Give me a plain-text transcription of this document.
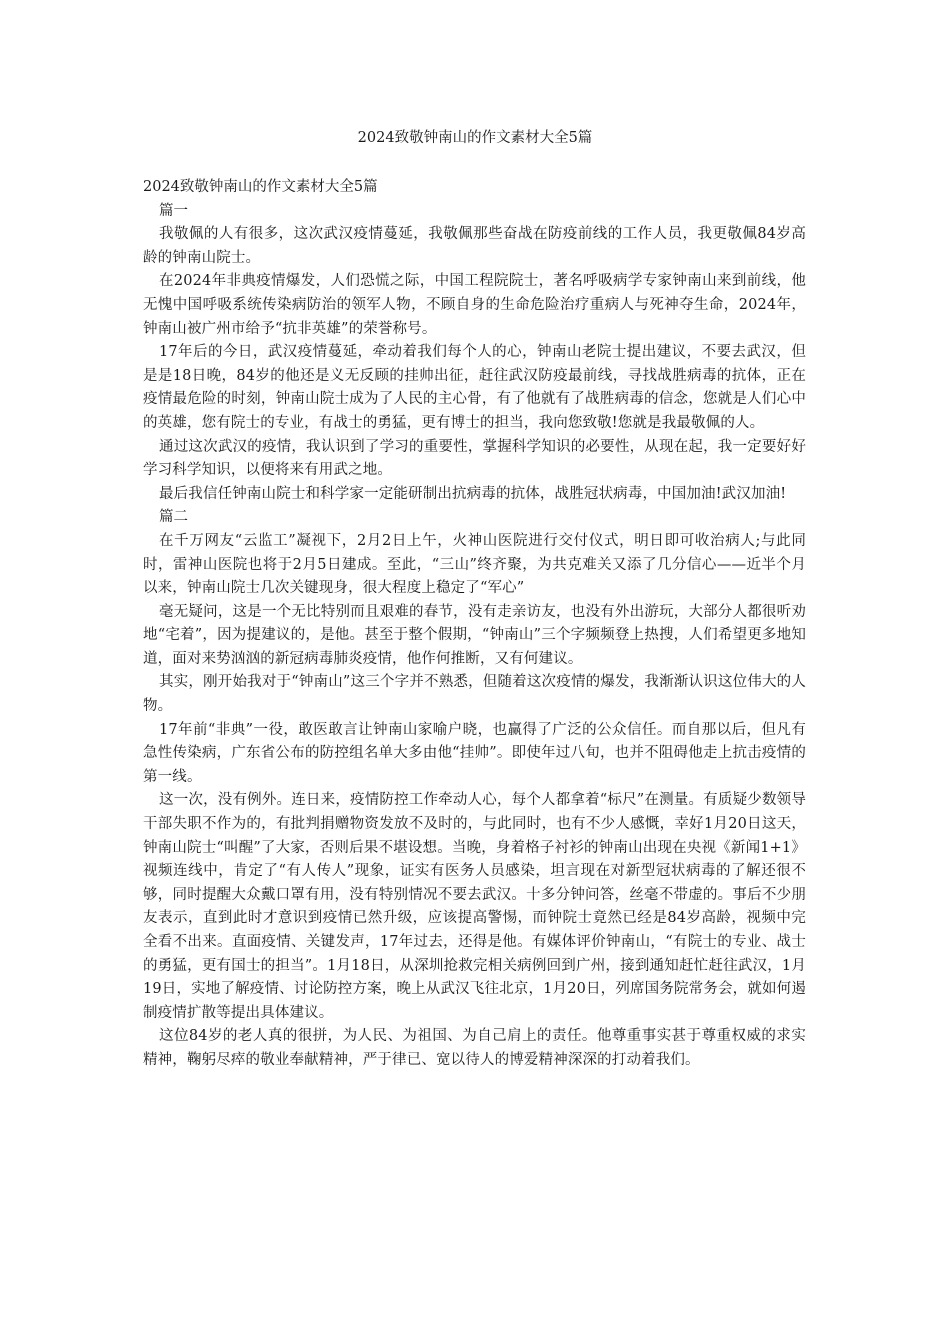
2024致敬钟南山的作文素材大全5篇

2024致敬钟南山的作文素材大全5篇

篇一

我敬佩的人有很多，这次武汉疫情蔓延，我敬佩那些奋战在防疫前线的工作人员，我更敬佩84岁高龄的钟南山院士。

在2024年非典疫情爆发，人们恐慌之际，中国工程院院士，著名呼吸病学专家钟南山来到前线，他无愧中国呼吸系统传染病防治的领军人物，不顾自身的生命危险治疗重病人与死神夺生命，2024年，钟南山被广州市给予“抗非英雄”的荣誉称号。

17年后的今日，武汉疫情蔓延，牵动着我们每个人的心，钟南山老院士提出建议，不要去武汉，但是是18日晚，84岁的他还是义无反顾的挂帅出征，赶往武汉防疫最前线，寻找战胜病毒的抗体，正在疫情最危险的时刻，钟南山院士成为了人民的主心骨，有了他就有了战胜病毒的信念，您就是人们心中的英雄，您有院士的专业，有战士的勇猛，更有博士的担当，我向您致敬!您就是我最敬佩的人。

通过这次武汉的疫情，我认识到了学习的重要性，掌握科学知识的必要性，从现在起，我一定要好好学习科学知识，以便将来有用武之地。

最后我信任钟南山院士和科学家一定能研制出抗病毒的抗体，战胜冠状病毒，中国加油!武汉加油!

篇二

在千万网友“云监工”凝视下，2月2日上午，火神山医院进行交付仪式，明日即可收治病人;与此同时，雷神山医院也将于2月5日建成。至此，“三山”终齐聚，为共克难关又添了几分信心——近半个月以来，钟南山院士几次关键现身，很大程度上稳定了“军心”

毫无疑问，这是一个无比特别而且艰难的春节，没有走亲访友，也没有外出游玩，大部分人都很听劝地“宅着”，因为提建议的，是他。甚至于整个假期，“钟南山”三个字频频登上热搜，人们希望更多地知道，面对来势汹汹的新冠病毒肺炎疫情，他作何推断，又有何建议。

其实，刚开始我对于“钟南山”这三个字并不熟悉，但随着这次疫情的爆发，我渐渐认识这位伟大的人物。

17年前“非典”一役，敢医敢言让钟南山家喻户晓，也赢得了广泛的公众信任。而自那以后，但凡有急性传染病，广东省公布的防控组名单大多由他“挂帅”。即使年过八旬，也并不阻碍他走上抗击疫情的第一线。

这一次，没有例外。连日来，疫情防控工作牵动人心，每个人都拿着“标尺”在测量。有质疑少数领导干部失职不作为的，有批判捐赠物资发放不及时的，与此同时，也有不少人感慨，幸好1月20日这天，钟南山院士“叫醒”了大家，否则后果不堪设想。当晚，身着格子衬衫的钟南山出现在央视《新闻1+1》视频连线中，肯定了“有人传人”现象，证实有医务人员感染，坦言现在对新型冠状病毒的了解还很不够，同时提醒大众戴口罩有用，没有特别情况不要去武汉。十多分钟问答，丝毫不带虚的。事后不少朋友表示，直到此时才意识到疫情已然升级，应该提高警惕，而钟院士竟然已经是84岁高龄，视频中完全看不出来。直面疫情、关键发声，17年过去，还得是他。有媒体评价钟南山，“有院士的专业、战士的勇猛，更有国士的担当”。1月18日，从深圳抢救完相关病例回到广州，接到通知赶忙赶往武汉，1月19日，实地了解疫情、讨论防控方案，晚上从武汉飞往北京，1月20日，列席国务院常务会，就如何遏制疫情扩散等提出具体建议。

这位84岁的老人真的很拼，为人民、为祖国、为自己肩上的责任。他尊重事实甚于尊重权威的求实精神，鞠躬尽瘁的敬业奉献精神，严于律已、宽以待人的博爱精神深深的打动着我们。
